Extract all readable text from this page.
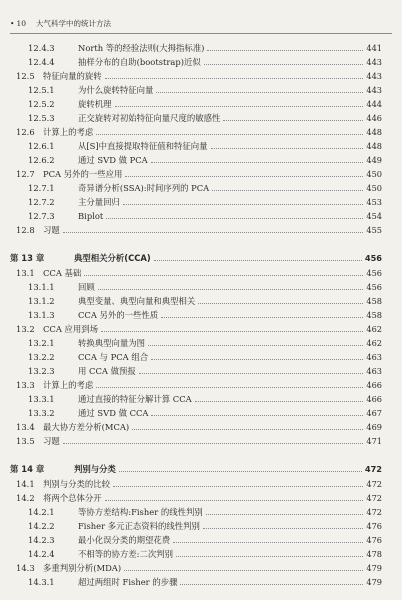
• 10 大气科学中的统计方法
12.4.3	North 等的经验法则(大拇指标准)	441
12.4.4	抽样分布的自助(bootstrap)近似	443
12.5 特征向量的旋转	443
12.5.1	为什么旋转特征向量	443
12.5.2	旋转机理	444
12.5.3	正交旋转对初始特征向量尺度的敏感性	446
12.6 计算上的考虑	448
12.6.1	从[S]中直接提取特征值和特征向量	448
12.6.2	通过 SVD 做 PCA	449
12.7 PCA 另外的一些应用	450
12.7.1	奇异谱分析(SSA):时间序列的 PCA	450
12.7.2	主分量回归	453
12.7.3	Biplot	454
12.8 习题	455
第 13 章	典型相关分析(CCA)	456
13.1 CCA 基础	456
13.1.1	回顾	456
13.1.2	典型变量、典型向量和典型相关	458
13.1.3	CCA 另外的一些性质	458
13.2 CCA 应用到场	462
13.2.1	转换典型向量为图	462
13.2.2	CCA 与 PCA 组合	463
13.2.3	用 CCA 做预报	463
13.3 计算上的考虑	466
13.3.1	通过直接的特征分解计算 CCA	466
13.3.2	通过 SVD 做 CCA	467
13.4 最大协方差分析(MCA)	469
13.5 习题	471
第 14 章	判别与分类	472
14.1 判别与分类的比较	472
14.2 将两个总体分开	472
14.2.1	等协方差结构:Fisher 的线性判别	472
14.2.2	Fisher 多元正态资料的线性判别	476
14.2.3	最小化误分类的期望花费	476
14.2.4	不相等的协方差:二次判别	478
14.3 多重判别分析(MDA)	479
14.3.1	超过两组时 Fisher 的步骤	479
